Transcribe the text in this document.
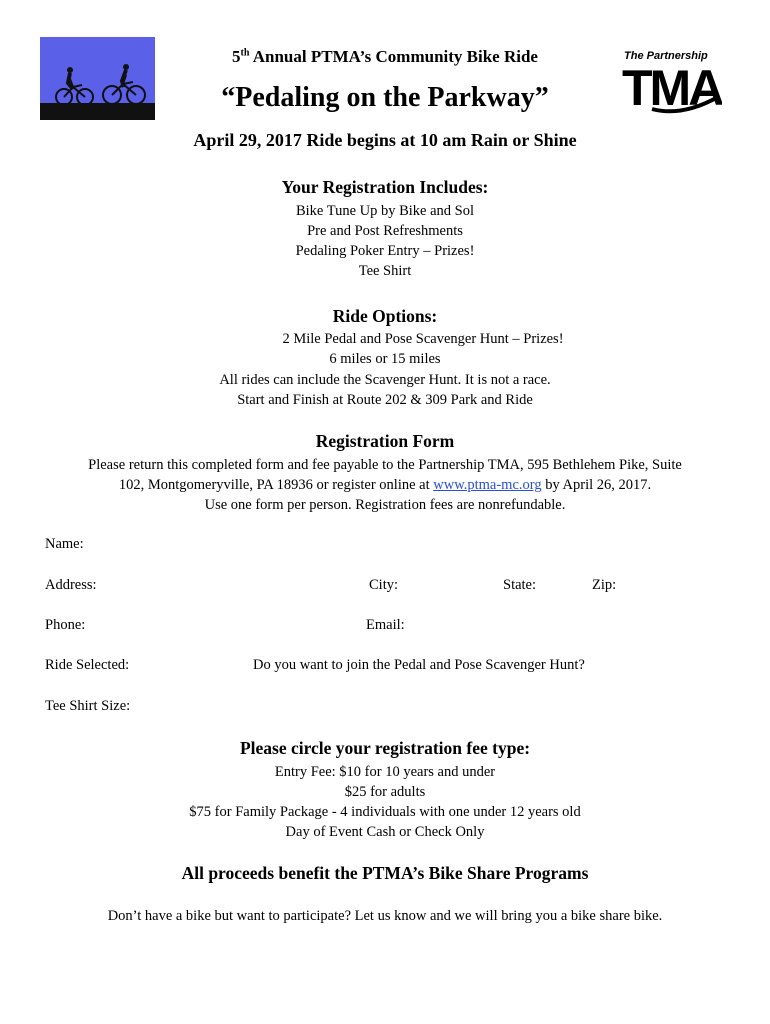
The Partnership
TMA
5th Annual PTMA’s Community Bike Ride
“Pedaling on the Parkway”
April 29, 2017 Ride begins at 10 am Rain or Shine
Your Registration Includes:
Bike Tune Up by Bike and Sol
Pre and Post Refreshments
Pedaling Poker Entry – Prizes!
Tee Shirt
Ride Options:
2 Mile Pedal and Pose Scavenger Hunt – Prizes!
6 miles or 15 miles
All rides can include the Scavenger Hunt. It is not a race.
Start and Finish at Route 202 & 309 Park and Ride
Registration Form
Please return this completed form and fee payable to the Partnership TMA, 595 Bethlehem Pike, Suite
102, Montgomeryville, PA 18936 or register online at www.ptma-mc.org by April 26, 2017.
Use one form per person. Registration fees are nonrefundable.
Name:
Address:	City:	State:	Zip:
Phone:	Email:
Ride Selected:	Do you want to join the Pedal and Pose Scavenger Hunt?
Tee Shirt Size:
Please circle your registration fee type:
Entry Fee: $10 for 10 years and under
$25 for adults
$75 for Family Package - 4 individuals with one under 12 years old
Day of Event Cash or Check Only
All proceeds benefit the PTMA’s Bike Share Programs
Don’t have a bike but want to participate? Let us know and we will bring you a bike share bike.
